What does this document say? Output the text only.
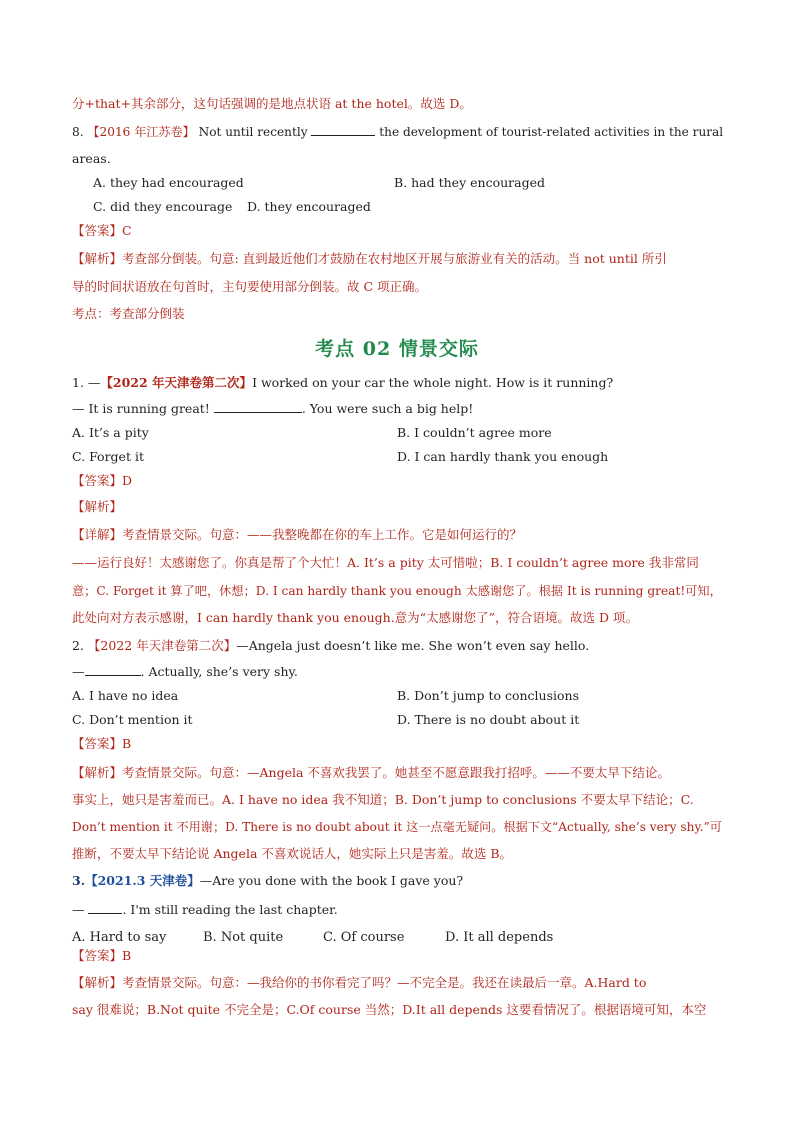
分+that+其余部分，这句话强调的是地点状语 at the hotel。故选 D。
8. 【2016 年江苏卷】 Not until recently	the development of tourist-related activities in the rural
areas.
A. they had encouraged	B. had they encouraged
C. did they encourage D. they encouraged
【答案】C
【解析】考查部分倒装。句意: 直到最近他们才鼓励在农村地区开展与旅游业有关的活动。当 not until 所引
导的时间状语放在句首时，主句要使用部分倒装。故 C 项正确。
考点：考查部分倒装
考点 02 情景交际
1. —【2022 年天津卷第二次】I worked on your car the whole night. How is it running?
— It is running great!	. You were such a big help!
A. It’s a pity	B. I couldn’t agree more
C. Forget it	D. I can hardly thank you enough
【答案】D
【解析】
【详解】考查情景交际。句意：——我整晚都在你的车上工作。它是如何运行的？
——运行良好！太感谢您了。你真是帮了个大忙！A. It’s a pity 太可惜啦；B. I couldn’t agree more 我非常同
意；C. Forget it 算了吧，休想；D. I can hardly thank you enough 太感谢您了。根据 It is running great!可知，
此处向对方表示感谢，I can hardly thank you enough.意为“太感谢您了”，符合语境。故选 D 项。
2. 【2022 年天津卷第二次】—Angela just doesn’t like me. She won’t even say hello.
—	. Actually, she’s very shy.
A. I have no idea	B. Don’t jump to conclusions
C. Don’t mention it	D. There is no doubt about it
【答案】B
【解析】考查情景交际。句意：—Angela 不喜欢我罢了。她甚至不愿意跟我打招呼。——不要太早下结论。
事实上，她只是害羞而已。A. I have no idea 我不知道；B. Don’t jump to conclusions 不要太早下结论；C.
Don’t mention it 不用谢；D. There is no doubt about it 这一点毫无疑问。根据下文“Actually, she’s very shy.”可
推断，不要太早下结论说 Angela 不喜欢说话人，她实际上只是害羞。故选 B。
3.【2021.3 天津卷】—Are you done with the book I gave you?
—	. I'm still reading the last chapter.
A. Hard to say	B. Not quite	C. Of course	D. It all depends
【答案】B
【解析】考查情景交际。句意：—我给你的书你看完了吗？—不完全是。我还在读最后一章。A.Hard to
say 很难说；B.Not quite 不完全是；C.Of course 当然；D.It all depends 这要看情况了。根据语境可知，本空
